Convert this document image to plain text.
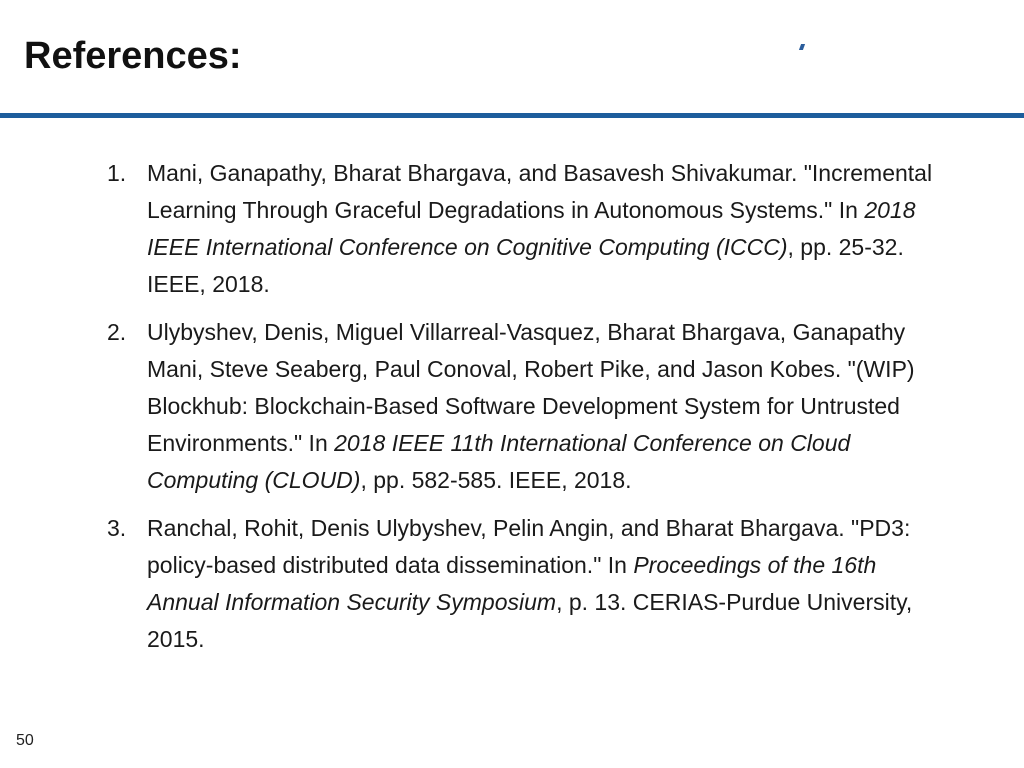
References:
1. Mani, Ganapathy, Bharat Bhargava, and Basavesh Shivakumar. "Incremental Learning Through Graceful Degradations in Autonomous Systems." In 2018 IEEE International Conference on Cognitive Computing (ICCC), pp. 25-32. IEEE, 2018.
2. Ulybyshev, Denis, Miguel Villarreal-Vasquez, Bharat Bhargava, Ganapathy Mani, Steve Seaberg, Paul Conoval, Robert Pike, and Jason Kobes. "(WIP) Blockhub: Blockchain-Based Software Development System for Untrusted Environments." In 2018 IEEE 11th International Conference on Cloud Computing (CLOUD), pp. 582-585. IEEE, 2018.
3. Ranchal, Rohit, Denis Ulybyshev, Pelin Angin, and Bharat Bhargava. "PD3: policy-based distributed data dissemination." In Proceedings of the 16th Annual Information Security Symposium, p. 13. CERIAS-Purdue University, 2015.
50
